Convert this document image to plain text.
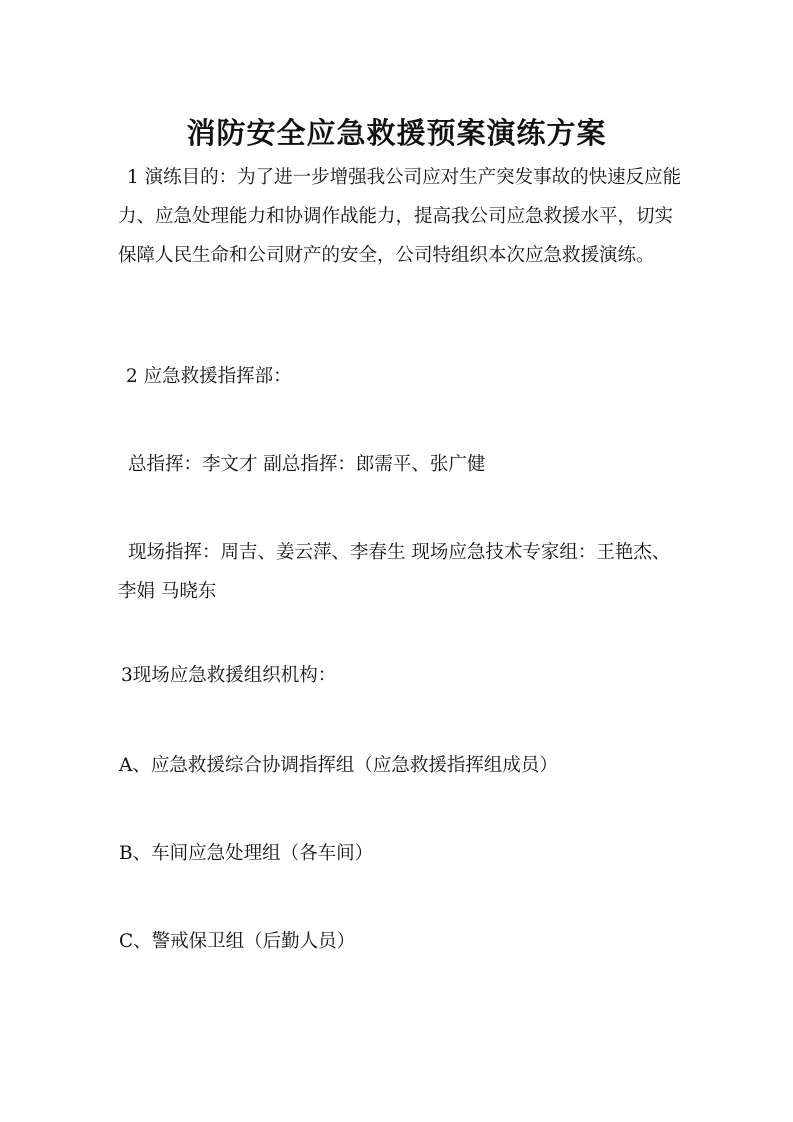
消防安全应急救援预案演练方案

1 演练目的：为了进一步增强我公司应对生产突发事故的快速反应能力、应急处理能力和协调作战能力，提高我公司应急救援水平，切实保障人民生命和公司财产的安全，公司特组织本次应急救援演练。

2 应急救援指挥部：

总指挥：李文才 副总指挥：郎需平、张广健

现场指挥：周吉、姜云萍、李春生 现场应急技术专家组：王艳杰、李娟 马晓东

3现场应急救援组织机构：

A、应急救援综合协调指挥组（应急救援指挥组成员）

B、车间应急处理组（各车间）

C、警戒保卫组（后勤人员）
